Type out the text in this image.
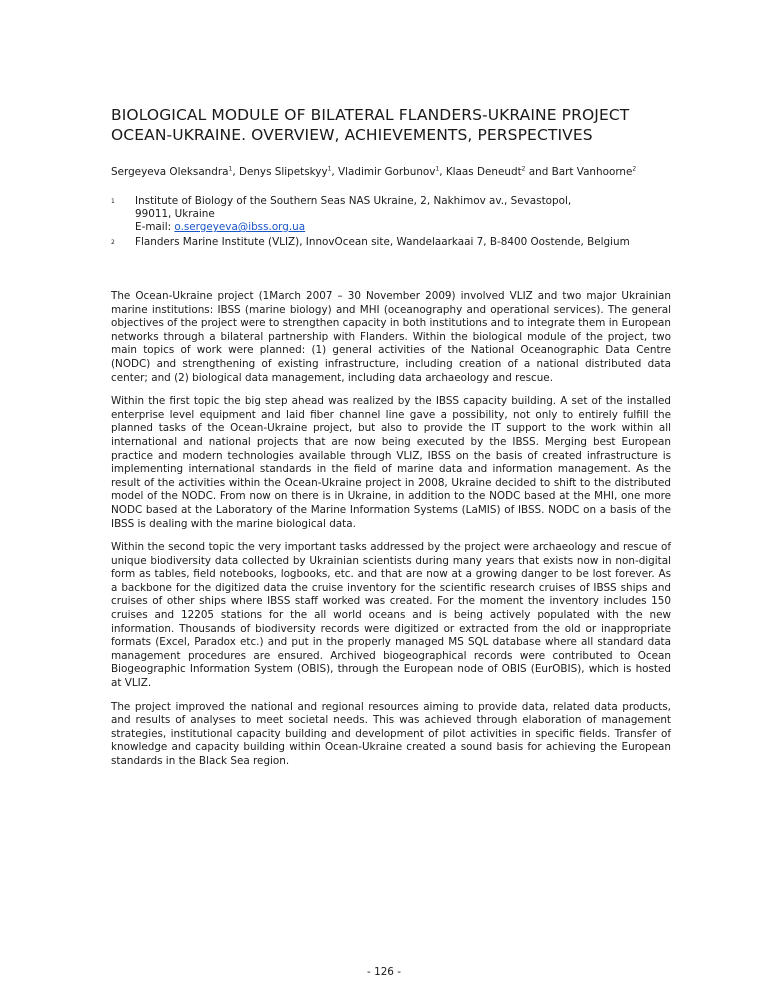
BIOLOGICAL MODULE OF BILATERAL FLANDERS-UKRAINE PROJECT OCEAN-UKRAINE. OVERVIEW, ACHIEVEMENTS, PERSPECTIVES
Sergeyeva Oleksandra$^1$, Denys Slipetskyy$^1$, Vladimir Gorbunov$^1$, Klaas Deneudt$^2$ and Bart Vanhoorne$^2$
1 Institute of Biology of the Southern Seas NAS Ukraine, 2, Nakhimov av., Sevastopol,
99011, Ukraine
E-mail: o.sergeyeva@ibss.org.ua
2 Flanders Marine Institute (VLIZ), InnovOcean site, Wandelaarkaai 7, B-8400 Oostende, Belgium

The Ocean-Ukraine project (1March 2007 – 30 November 2009) involved VLIZ and two major Ukrainian marine institutions: IBSS (marine biology) and MHI (oceanography and operational services). The general objectives of the project were to strengthen capacity in both institutions and to integrate them in European networks through a bilateral partnership with Flanders. Within the biological module of the project, two main topics of work were planned: (1) general activities of the National Oceanographic Data Centre (NODC) and strengthening of existing infrastructure, including creation of a national distributed data center; and (2) biological data management, including data archaeology and rescue.

Within the first topic the big step ahead was realized by the IBSS capacity building. A set of the installed enterprise level equipment and laid fiber channel line gave a possibility, not only to entirely fulfill the planned tasks of the Ocean-Ukraine project, but also to provide the IT support to the work within all international and national projects that are now being executed by the IBSS. Merging best European practice and modern technologies available through VLIZ, IBSS on the basis of created infrastructure is implementing international standards in the field of marine data and information management. As the result of the activities within the Ocean-Ukraine project in 2008, Ukraine decided to shift to the distributed model of the NODC. From now on there is in Ukraine, in addition to the NODC based at the MHI, one more NODC based at the Laboratory of the Marine Information Systems (LaMIS) of IBSS. NODC on a basis of the IBSS is dealing with the marine biological data.

Within the second topic the very important tasks addressed by the project were archaeology and rescue of unique biodiversity data collected by Ukrainian scientists during many years that exists now in non-digital form as tables, field notebooks, logbooks, etc. and that are now at a growing danger to be lost forever. As a backbone for the digitized data the cruise inventory for the scientific research cruises of IBSS ships and cruises of other ships where IBSS staff worked was created. For the moment the inventory includes 150 cruises and 12205 stations for the all world oceans and is being actively populated with the new information. Thousands of biodiversity records were digitized or extracted from the old or inappropriate formats (Excel, Paradox etc.) and put in the properly managed MS SQL database where all standard data management procedures are ensured. Archived biogeographical records were contributed to Ocean Biogeographic Information System (OBIS), through the European node of OBIS (EurOBIS), which is hosted at VLIZ.

The project improved the national and regional resources aiming to provide data, related data products, and results of analyses to meet societal needs. This was achieved through elaboration of management strategies, institutional capacity building and development of pilot activities in specific fields. Transfer of knowledge and capacity building within Ocean-Ukraine created a sound basis for achieving the European standards in the Black Sea region.

- 126 -
